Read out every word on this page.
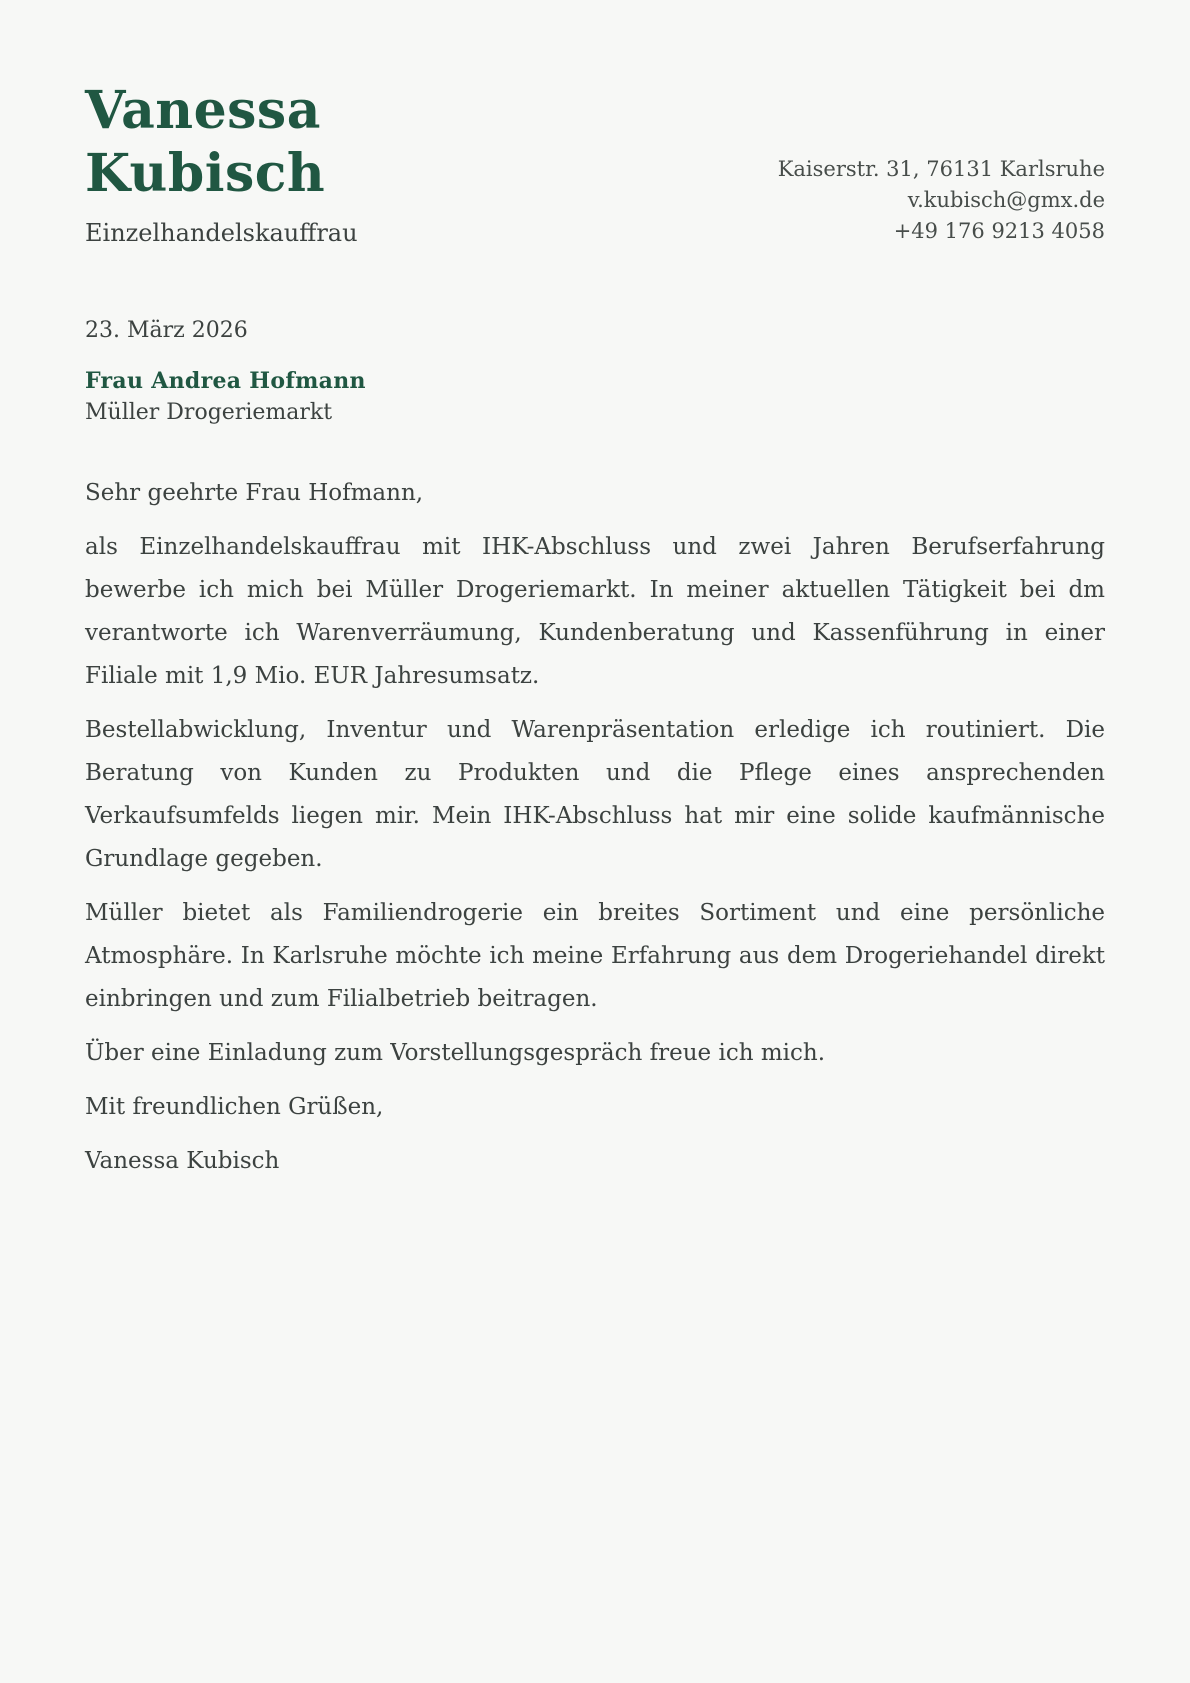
Vanessa
Kubisch
Einzelhandelskauffrau
Kaiserstr. 31, 76131 Karlsruhe
v.kubisch@gmx.de
+49 176 9213 4058
23. März 2026
Frau Andrea Hofmann
Müller Drogeriemarkt

Sehr geehrte Frau Hofmann,

als Einzelhandelskauffrau mit IHK-Abschluss und zwei Jahren Berufserfahrung bewerbe ich mich bei Müller Drogeriemarkt. In meiner aktuellen Tätigkeit bei dm verantworte ich Warenverräumung, Kundenberatung und Kassenführung in einer Filiale mit 1,9 Mio. EUR Jahresumsatz.

Bestellabwicklung, Inventur und Warenpräsentation erledige ich routiniert. Die Beratung von Kunden zu Produkten und die Pflege eines ansprechenden Verkaufsumfelds liegen mir. Mein IHK-Abschluss hat mir eine solide kaufmännische Grundlage gegeben.

Müller bietet als Familiendrogerie ein breites Sortiment und eine persönliche Atmosphäre. In Karlsruhe möchte ich meine Erfahrung aus dem Drogeriehandel direkt einbringen und zum Filialbetrieb beitragen.

Über eine Einladung zum Vorstellungsgespräch freue ich mich.

Mit freundlichen Grüßen,

Vanessa Kubisch
